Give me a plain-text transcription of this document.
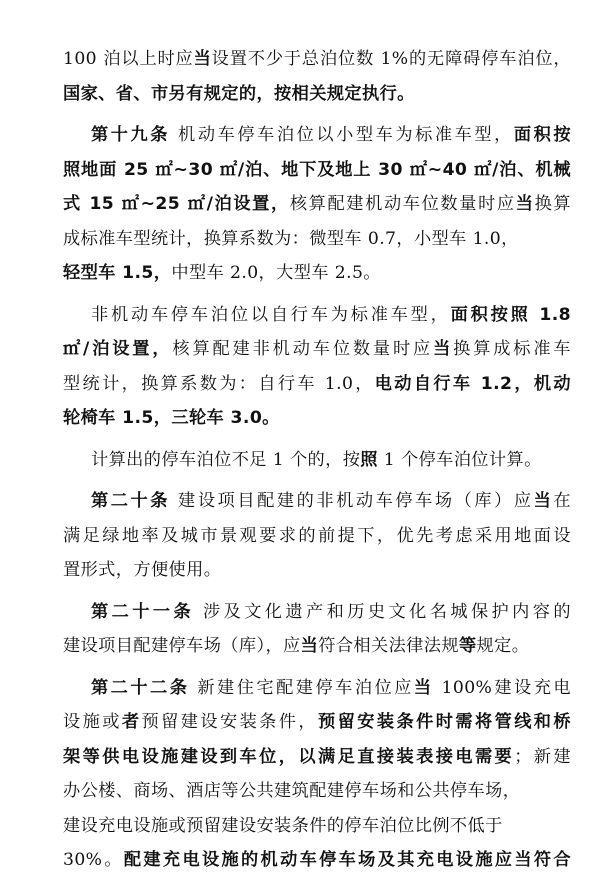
100 泊以上时应当设置不少于总泊位数 1%的无障碍停车泊位，
国家、省、市另有规定的，按相关规定执行。
第十九条 机动车停车泊位以小型车为标准车型，面积按
照地面 25 ㎡~30 ㎡/泊、地下及地上 30 ㎡~40 ㎡/泊、机械
式 15 ㎡~25 ㎡/泊设置，核算配建机动车位数量时应当换算
成标准车型统计，换算系数为：微型车 0.7，小型车 1.0，
轻型车 1.5，中型车 2.0，大型车 2.5。
非机动车停车泊位以自行车为标准车型，面积按照 1.8
㎡/泊设置，核算配建非机动车位数量时应当换算成标准车
型统计，换算系数为：自行车 1.0，电动自行车 1.2，机动
轮椅车 1.5，三轮车 3.0。
计算出的停车泊位不足 1 个的，按照 1 个停车泊位计算。
第二十条 建设项目配建的非机动车停车场（库）应当在
满足绿地率及城市景观要求的前提下，优先考虑采用地面设
置形式，方便使用。
第二十一条 涉及文化遗产和历史文化名城保护内容的
建设项目配建停车场（库），应当符合相关法律法规等规定。
第二十二条 新建住宅配建停车泊位应当 100%建设充电
设施或者预留建设安装条件，预留安装条件时需将管线和桥
架等供电设施建设到车位，以满足直接装表接电需要；新建
办公楼、商场、酒店等公共建筑配建停车场和公共停车场，
建设充电设施或预留建设安装条件的停车泊位比例不低于
30%。配建充电设施的机动车停车场及其充电设施应当符合
